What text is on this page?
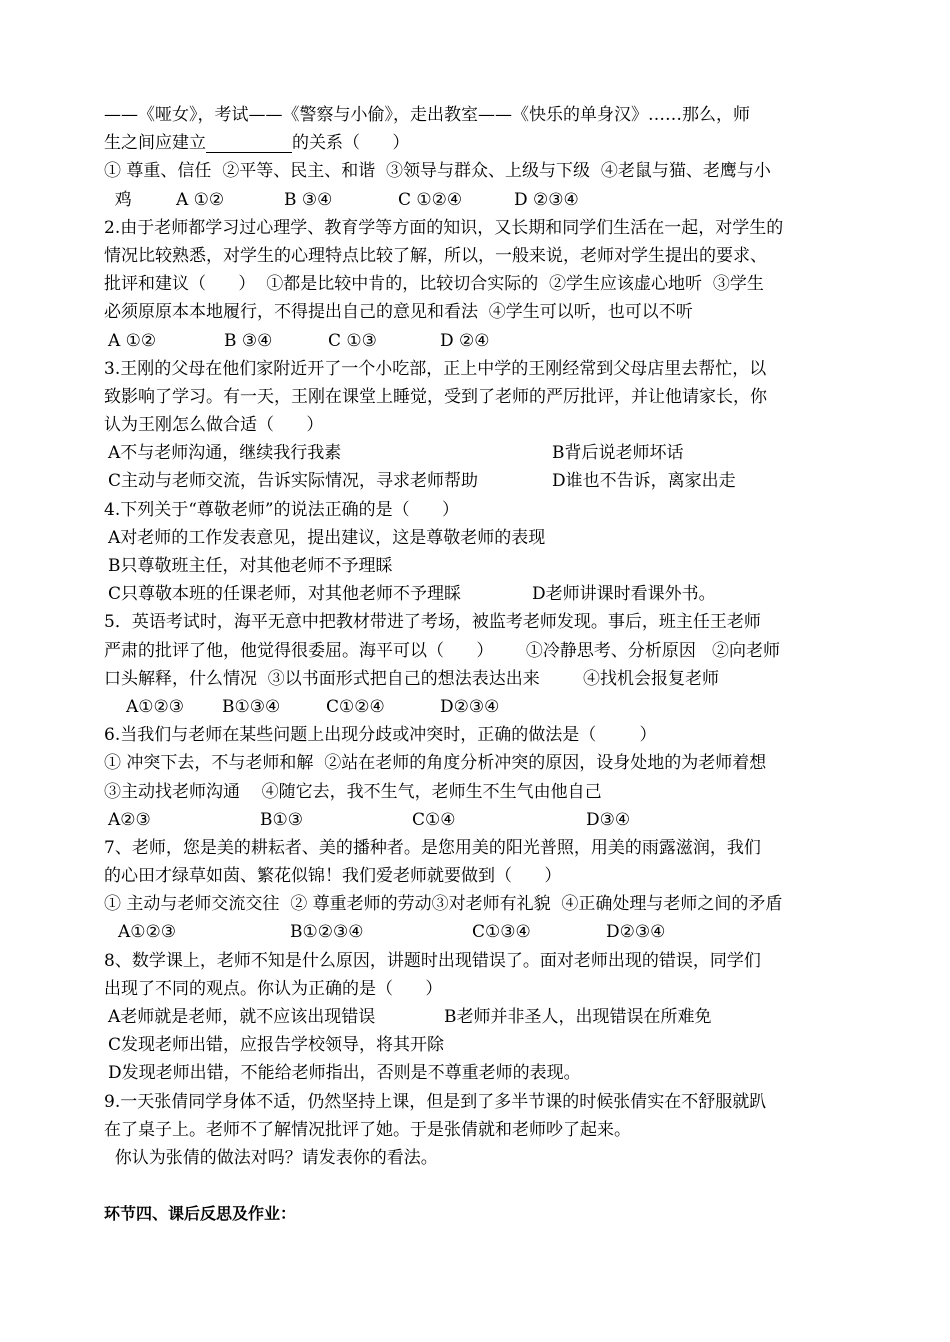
——《哑女》，考试——《警察与小偷》，走出教室——《快乐的单身汉》……那么，师
生之间应建立	的关系（      ）
① 尊重、信任  ②平等、民主、和谐  ③领导与群众、上级与下级  ④老鼠与猫、老鹰与小
鸡	A ①②	B ③④	C ①②④	D ②③④
2.由于老师都学习过心理学、教育学等方面的知识，又长期和同学们生活在一起，对学生的
情况比较熟悉，对学生的心理特点比较了解，所以，一般来说，老师对学生提出的要求、
批评和建议（      ）  ①都是比较中肯的，比较切合实际的  ②学生应该虚心地听  ③学生
必须原原本本地履行，不得提出自己的意见和看法  ④学生可以听，也可以不听
A ①②	B ③④	C ①③	D ②④
3.王刚的父母在他们家附近开了一个小吃部，正上中学的王刚经常到父母店里去帮忙，以
致影响了学习。有一天，王刚在课堂上睡觉，受到了老师的严厉批评，并让他请家长，你
认为王刚怎么做合适（      ）
A不与老师沟通，继续我行我素	B背后说老师坏话
C主动与老师交流，告诉实际情况，寻求老师帮助	D谁也不告诉，离家出走
4.下列关于“尊敬老师”的说法正确的是（      ）
A对老师的工作发表意见，提出建议，这是尊敬老师的表现
B只尊敬班主任，对其他老师不予理睬
C只尊敬本班的任课老师，对其他老师不予理睬	D老师讲课时看课外书。
5．英语考试时，海平无意中把教材带进了考场，被监考老师发现。事后，班主任王老师
严肃的批评了他，他觉得很委屈。海平可以（      ）      ①冷静思考、分析原因   ②向老师
口头解释，什么情况  ③以书面形式把自己的想法表达出来        ④找机会报复老师
A①②③	B①③④	C①②④	D②③④
6.当我们与老师在某些问题上出现分歧或冲突时，正确的做法是（        ）
① 冲突下去，不与老师和解  ②站在老师的角度分析冲突的原因，设身处地的为老师着想
③主动找老师沟通    ④随它去，我不生气，老师生不生气由他自己
A②③	B①③	C①④	D③④
7、老师，您是美的耕耘者、美的播种者。是您用美的阳光普照，用美的雨露滋润，我们
的心田才绿草如茵、繁花似锦！我们爱老师就要做到（      ）
① 主动与老师交流交往  ② 尊重老师的劳动③对老师有礼貌  ④正确处理与老师之间的矛盾
A①②③	B①②③④	C①③④	D②③④
8、数学课上，老师不知是什么原因，讲题时出现错误了。面对老师出现的错误，同学们
出现了不同的观点。你认为正确的是（      ）
A老师就是老师，就不应该出现错误	B老师并非圣人，出现错误在所难免
C发现老师出错，应报告学校领导，将其开除
D发现老师出错，不能给老师指出，否则是不尊重老师的表现。
9.一天张倩同学身体不适，仍然坚持上课，但是到了多半节课的时候张倩实在不舒服就趴
在了桌子上。老师不了解情况批评了她。于是张倩就和老师吵了起来。
你认为张倩的做法对吗？请发表你的看法。
环节四、课后反思及作业：
